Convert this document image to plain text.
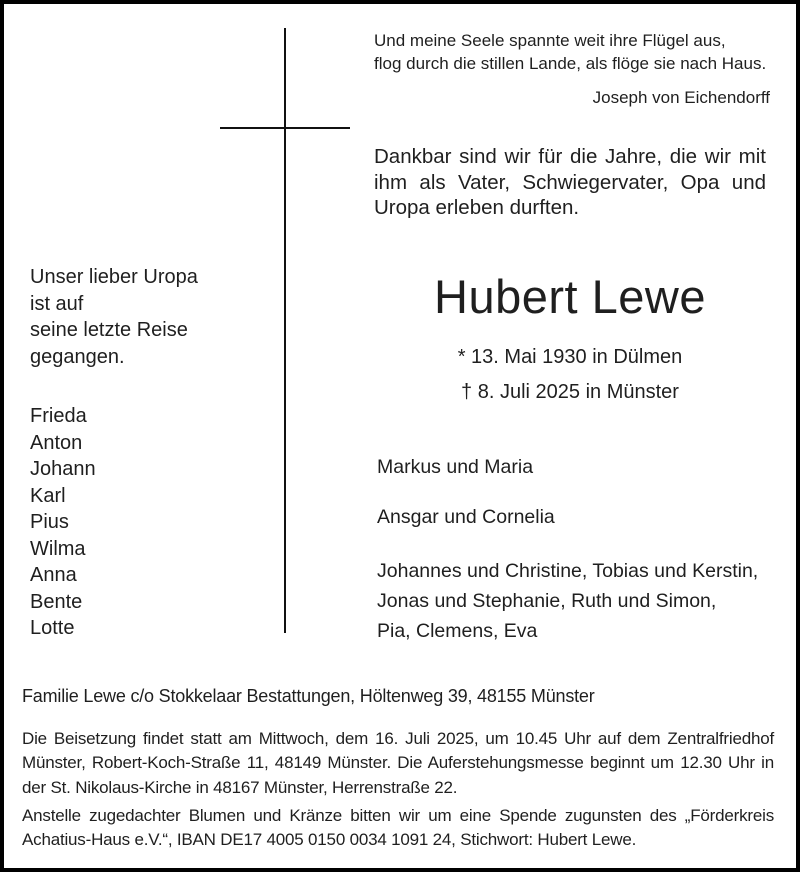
Und meine Seele spannte weit ihre Flügel aus,
flog durch die stillen Lande, als flöge sie nach Haus.
Joseph von Eichendorff
Dankbar sind wir für die Jahre, die wir mit ihm als Vater, Schwiegervater, Opa und Uropa erleben durften.
Unser lieber Uropa
ist auf
seine letzte Reise
gegangen.
Frieda
Anton
Johann
Karl
Pius
Wilma
Anna
Bente
Lotte
Hubert Lewe
* 13. Mai 1930 in Dülmen
† 8. Juli 2025 in Münster
Markus und Maria
Ansgar und Cornelia
Johannes und Christine, Tobias und Kerstin,
Jonas und Stephanie, Ruth und Simon,
Pia, Clemens, Eva
Familie Lewe c/o Stokkelaar Bestattungen, Höltenweg 39, 48155 Münster
Die Beisetzung findet statt am Mittwoch, dem 16. Juli 2025, um 10.45 Uhr auf dem Zentralfriedhof Münster, Robert-Koch-Straße 11, 48149 Münster. Die Auferstehungsmesse beginnt um 12.30 Uhr in der St. Nikolaus-Kirche in 48167 Münster, Herrenstraße 22.
Anstelle zugedachter Blumen und Kränze bitten wir um eine Spende zugunsten des „Förderkreis Achatius-Haus e.V.“, IBAN DE17 4005 0150 0034 1091 24, Stichwort: Hubert Lewe.
